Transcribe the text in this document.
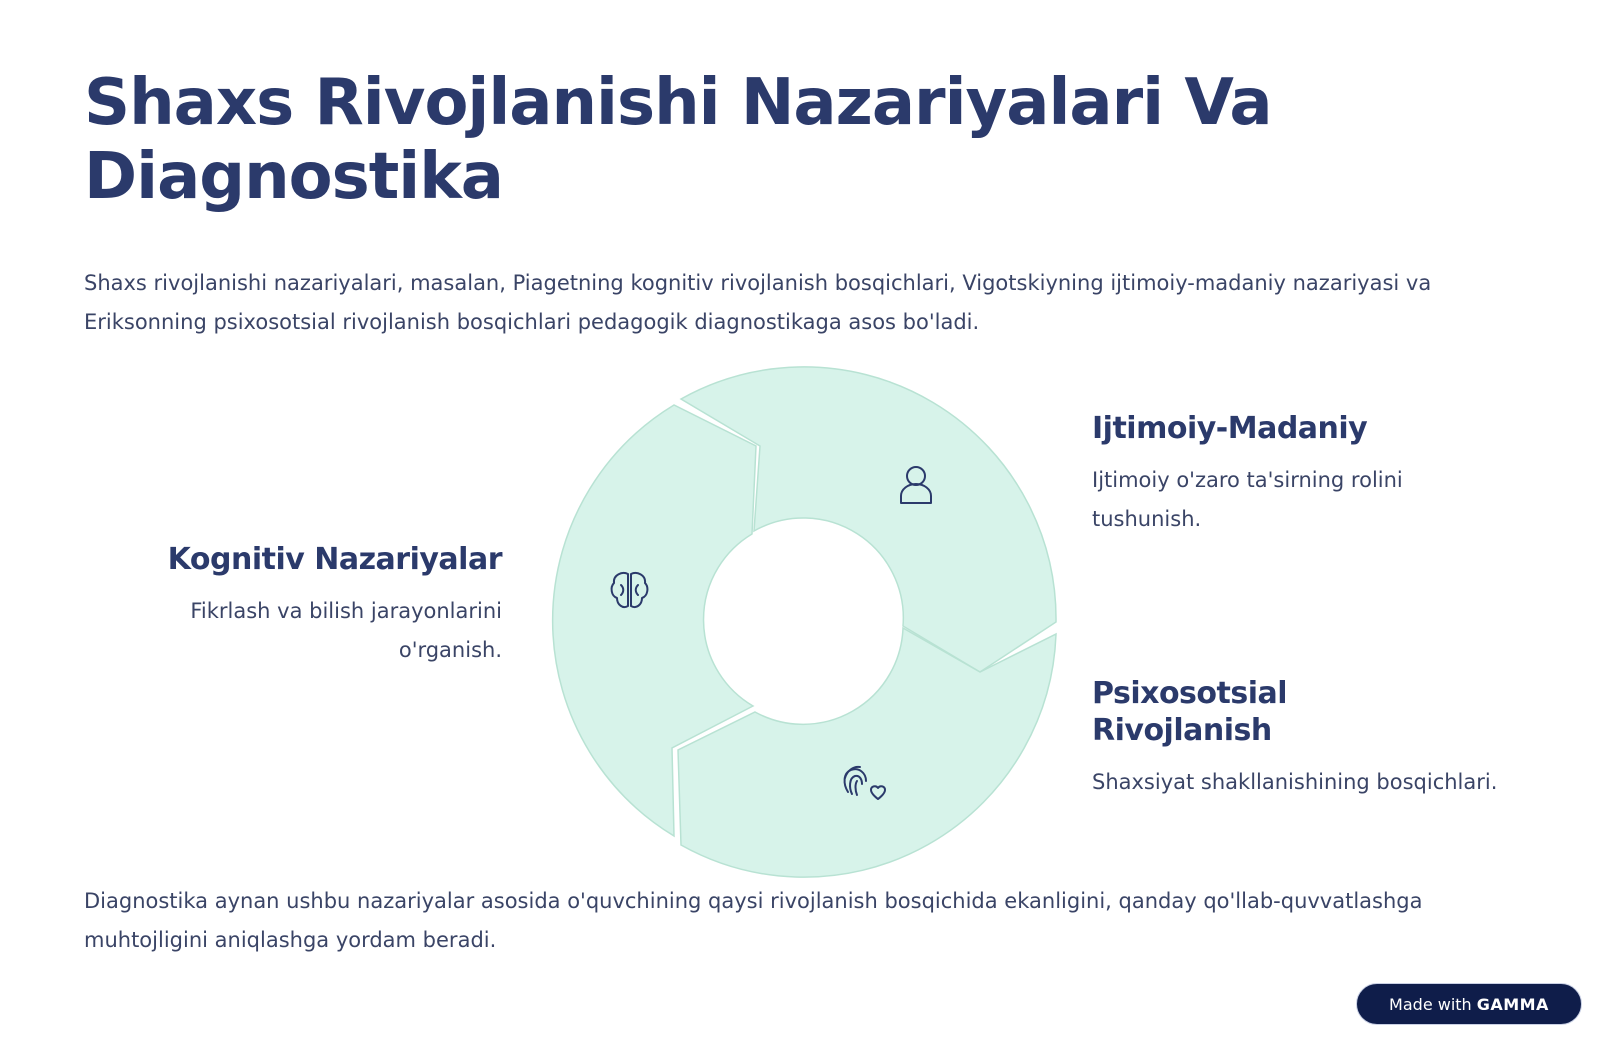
Shaxs Rivojlanishi Nazariyalari Va Diagnostika
Shaxs rivojlanishi nazariyalari, masalan, Piagetning kognitiv rivojlanish bosqichlari, Vigotskiyning ijtimoiy-madaniy nazariyasi va Eriksonning psixosotsial rivojlanish bosqichlari pedagogik diagnostikaga asos bo'ladi.
Kognitiv Nazariyalar
Fikrlash va bilish jarayonlarini o'rganish.
Ijtimoiy-Madaniy
Ijtimoiy o'zaro ta'sirning rolini tushunish.
Psixosotsial Rivojlanish
Shaxsiyat shakllanishining bosqichlari.
Diagnostika aynan ushbu nazariyalar asosida o'quvchining qaysi rivojlanish bosqichida ekanligini, qanday qo'llab-quvvatlashga muhtojligini aniqlashga yordam beradi.
Made with GAMMA
